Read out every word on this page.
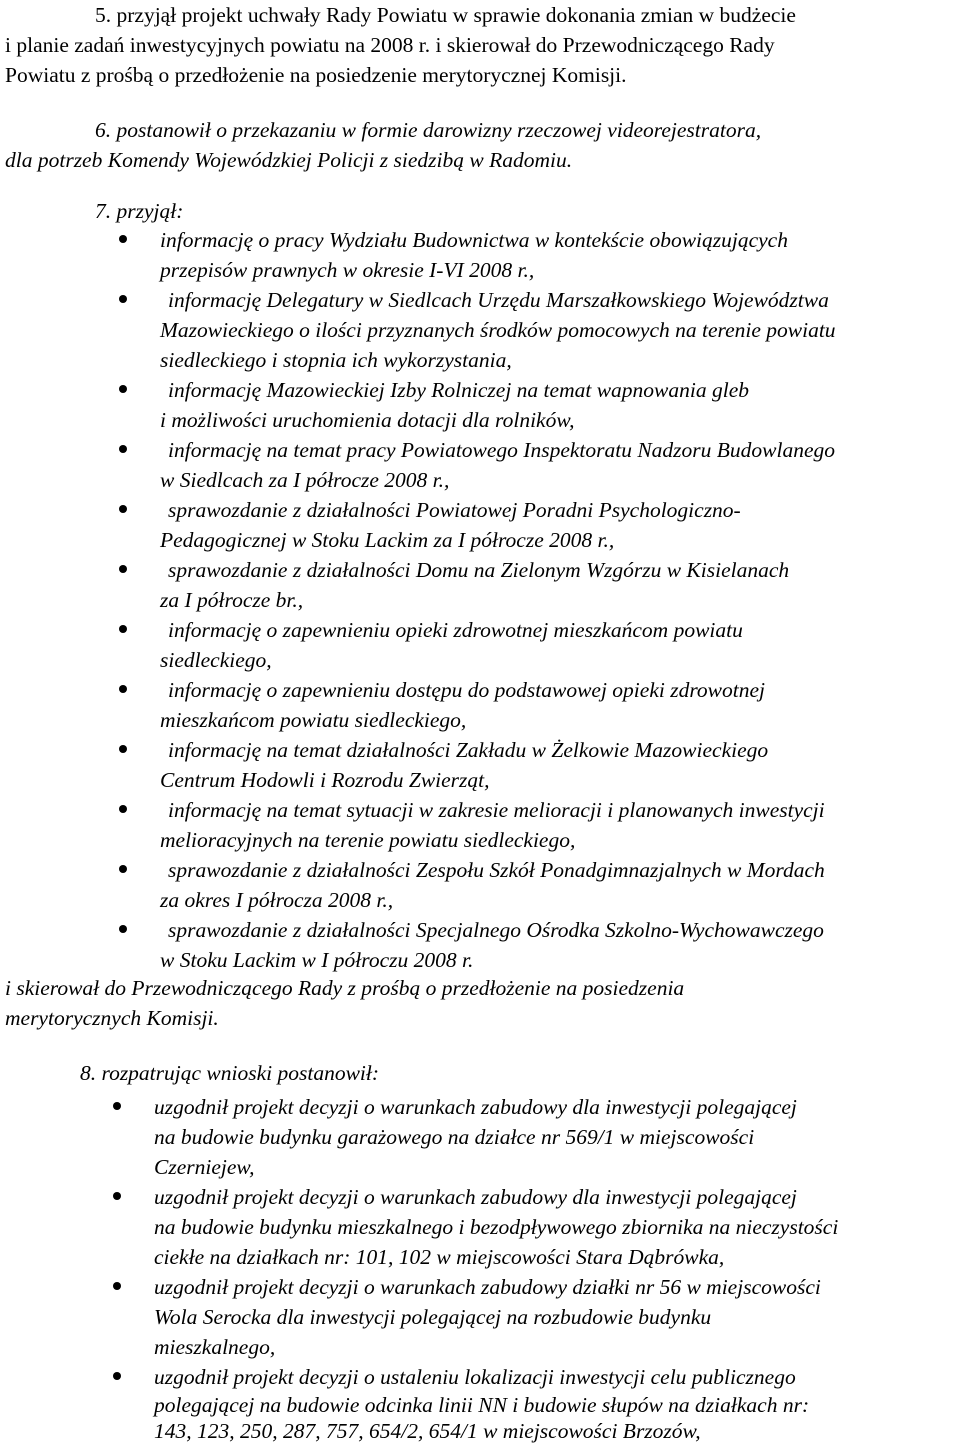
5. przyjął projekt uchwały Rady Powiatu w sprawie dokonania zmian w budżecie
i planie zadań inwestycyjnych powiatu na 2008 r. i skierował do Przewodniczącego Rady
Powiatu z prośbą o przedłożenie na posiedzenie merytorycznej Komisji.
6. postanowił o przekazaniu w formie darowizny rzeczowej videorejestratora,
dla potrzeb Komendy Wojewódzkiej Policji z siedzibą w Radomiu.
7. przyjął:
informację o pracy Wydziału Budownictwa w kontekście obowiązujących
przepisów prawnych w okresie I-VI 2008 r.,
informację Delegatury w Siedlcach Urzędu Marszałkowskiego Województwa
Mazowieckiego o ilości przyznanych środków pomocowych na terenie powiatu
siedleckiego i stopnia ich wykorzystania,
informację Mazowieckiej Izby Rolniczej na temat wapnowania gleb
i możliwości uruchomienia dotacji dla rolników,
informację na temat pracy Powiatowego Inspektoratu Nadzoru Budowlanego
w Siedlcach za I półrocze 2008 r.,
sprawozdanie z działalności Powiatowej Poradni Psychologiczno-
Pedagogicznej w Stoku Lackim za I półrocze 2008 r.,
sprawozdanie z działalności Domu na Zielonym Wzgórzu w Kisielanach
za I półrocze br.,
informację o zapewnieniu opieki zdrowotnej mieszkańcom powiatu
siedleckiego,
informację o zapewnieniu dostępu do podstawowej opieki zdrowotnej
mieszkańcom powiatu siedleckiego,
informację na temat działalności Zakładu w Żelkowie Mazowieckiego
Centrum Hodowli i Rozrodu Zwierząt,
informację na temat sytuacji w zakresie melioracji i planowanych inwestycji
melioracyjnych na terenie powiatu siedleckiego,
sprawozdanie z działalności Zespołu Szkół Ponadgimnazjalnych w Mordach
za okres I półrocza 2008 r.,
sprawozdanie z działalności Specjalnego Ośrodka Szkolno-Wychowawczego
w Stoku Lackim w I półroczu 2008 r.
i skierował do Przewodniczącego Rady z prośbą o przedłożenie na posiedzenia
merytorycznych Komisji.
8. rozpatrując wnioski postanowił:
uzgodnił projekt decyzji o warunkach zabudowy dla inwestycji polegającej
na budowie budynku garażowego na działce nr 569/1 w miejscowości
Czerniejew,
uzgodnił projekt decyzji o warunkach zabudowy dla inwestycji polegającej
na budowie budynku mieszkalnego i bezodpływowego zbiornika na nieczystości
ciekłe na działkach nr: 101, 102 w miejscowości Stara Dąbrówka,
uzgodnił projekt decyzji o warunkach zabudowy działki nr 56 w miejscowości
Wola Serocka dla inwestycji polegającej na rozbudowie budynku
mieszkalnego,
uzgodnił projekt decyzji o ustaleniu lokalizacji inwestycji celu publicznego
polegającej na budowie odcinka linii NN i budowie słupów na działkach nr:
143, 123, 250, 287, 757, 654/2, 654/1 w miejscowości Brzozów,
